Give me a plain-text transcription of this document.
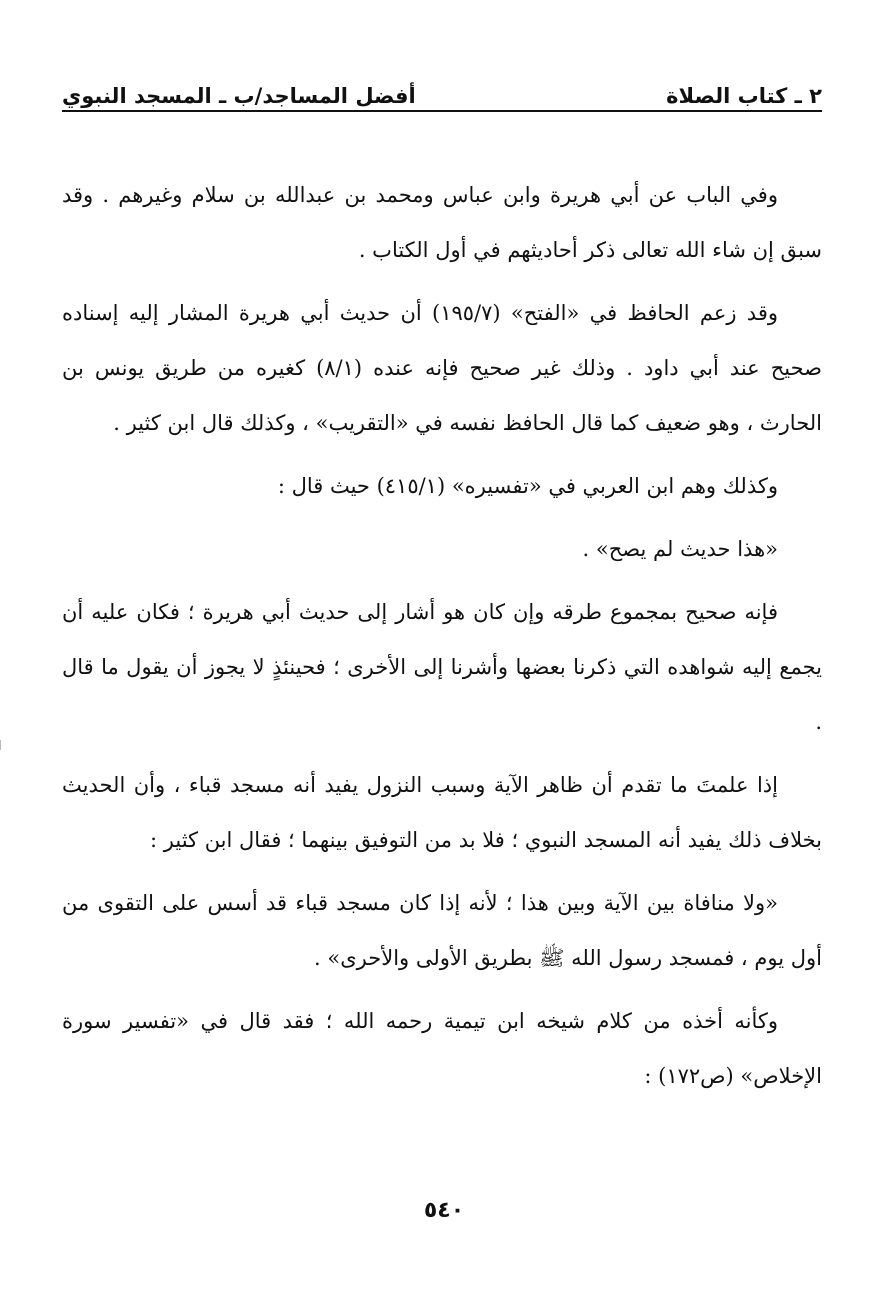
٢ ـ كتاب الصلاة
أفضل المساجد/ب ـ المسجد النبوي

وفي الباب عن أبي هريرة وابن عباس ومحمد بن عبدالله بن سلام وغيرهم . وقد سبق إن شاء الله تعالى ذكر أحاديثهم في أول الكتاب .

وقد زعم الحافظ في «الفتح» (١٩٥/٧) أن حديث أبي هريرة المشار إليه إسناده صحيح عند أبي داود . وذلك غير صحيح فإنه عنده (٨/١) كغيره من طريق يونس بن الحارث ، وهو ضعيف كما قال الحافظ نفسه في «التقريب» ، وكذلك قال ابن كثير .

وكذلك وهم ابن العربي في «تفسيره» (٤١٥/١) حيث قال :

«هذا حديث لم يصح» .

فإنه صحيح بمجموع طرقه وإن كان هو أشار إلى حديث أبي هريرة ؛ فكان عليه أن يجمع إليه شواهده التي ذكرنا بعضها وأشرنا إلى الأخرى ؛ فحينئذٍ لا يجوز أن يقول ما قال .

إذا علمتَ ما تقدم أن ظاهر الآية وسبب النزول يفيد أنه مسجد قباء ، وأن الحديث بخلاف ذلك يفيد أنه المسجد النبوي ؛ فلا بد من التوفيق بينهما ؛ فقال ابن كثير :

«ولا منافاة بين الآية وبين هذا ؛ لأنه إذا كان مسجد قباء قد أسس على التقوى من أول يوم ، فمسجد رسول الله ﷺ بطريق الأولى والأحرى» .

وكأنه أخذه من كلام شيخه ابن تيمية رحمه الله ؛ فقد قال في «تفسير سورة الإخلاص» (ص١٧٢) :

٥٤٠
